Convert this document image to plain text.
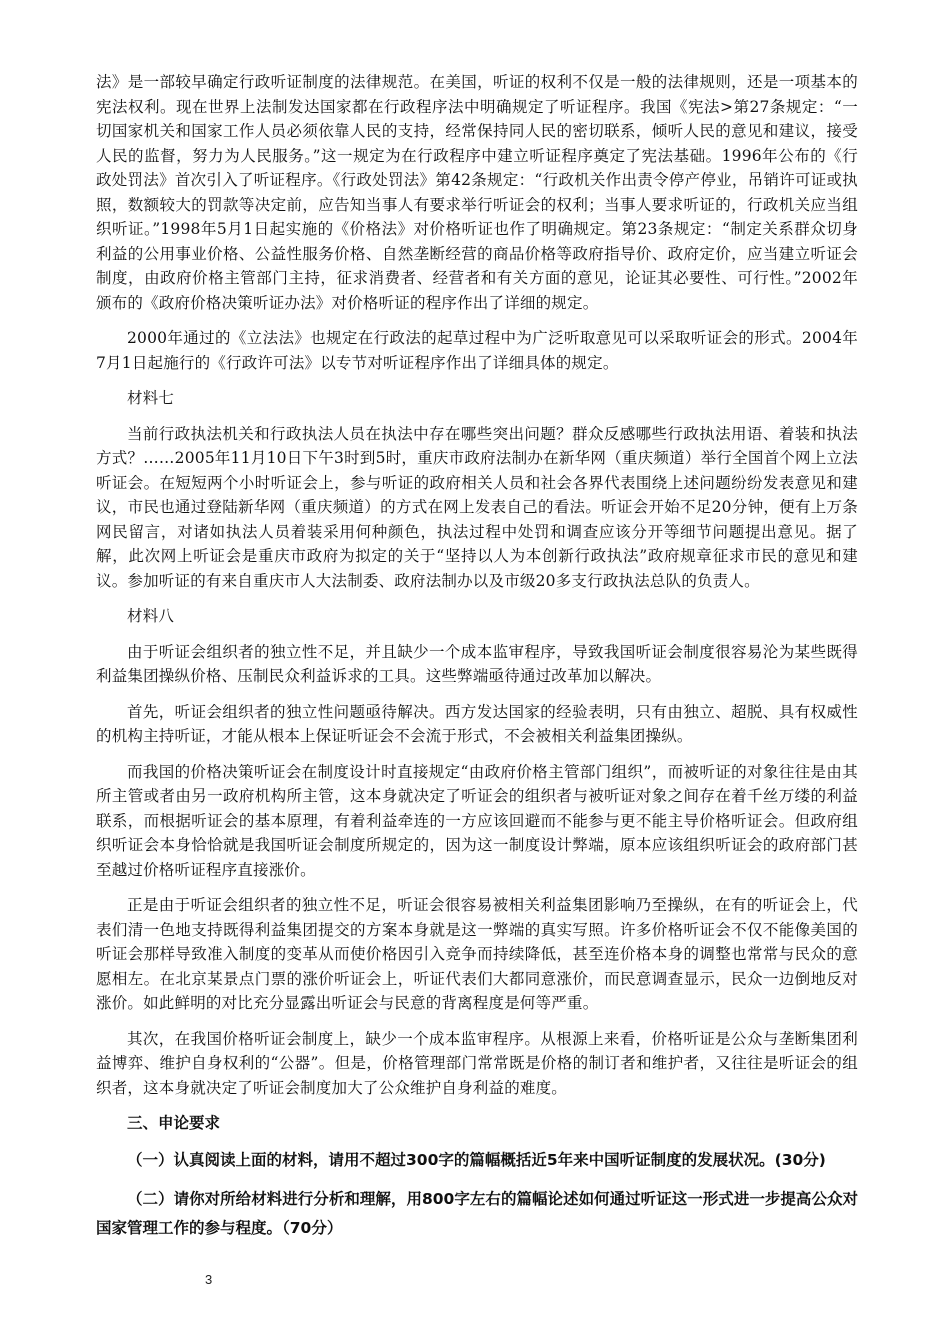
法》是一部较早确定行政听证制度的法律规范。在美国，听证的权利不仅是一般的法律规则，还是一项基本的宪法权利。现在世界上法制发达国家都在行政程序法中明确规定了听证程序。我国《宪法>第27条规定：“一切国家机关和国家工作人员必须依靠人民的支持，经常保持同人民的密切联系，倾听人民的意见和建议，接受人民的监督，努力为人民服务。”这一规定为在行政程序中建立听证程序奠定了宪法基础。1996年公布的《行政处罚法》首次引入了听证程序。《行政处罚法》第42条规定：“行政机关作出责令停产停业，吊销许可证或执照，数额较大的罚款等决定前，应告知当事人有要求举行听证会的权利；当事人要求听证的，行政机关应当组织听证。”1998年5月1日起实施的《价格法》对价格听证也作了明确规定。第23条规定：“制定关系群众切身利益的公用事业价格、公益性服务价格、自然垄断经营的商品价格等政府指导价、政府定价，应当建立听证会制度，由政府价格主管部门主持，征求消费者、经营者和有关方面的意见，论证其必要性、可行性。”2002年颁布的《政府价格决策听证办法》对价格听证的程序作出了详细的规定。

2000年通过的《立法法》也规定在行政法的起草过程中为广泛听取意见可以采取听证会的形式。2004年7月1日起施行的《行政许可法》以专节对听证程序作出了详细具体的规定。

材料七

当前行政执法机关和行政执法人员在执法中存在哪些突出问题？群众反感哪些行政执法用语、着装和执法方式？……2005年11月10日下午3时到5时，重庆市政府法制办在新华网（重庆频道）举行全国首个网上立法听证会。在短短两个小时听证会上，参与听证的政府相关人员和社会各界代表围绕上述问题纷纷发表意见和建议，市民也通过登陆新华网（重庆频道）的方式在网上发表自己的看法。听证会开始不足20分钟，便有上万条网民留言，对诸如执法人员着装采用何种颜色，执法过程中处罚和调查应该分开等细节问题提出意见。据了解，此次网上听证会是重庆市政府为拟定的关于“坚持以人为本创新行政执法”政府规章征求市民的意见和建议。参加听证的有来自重庆市人大法制委、政府法制办以及市级20多支行政执法总队的负责人。

材料八

由于听证会组织者的独立性不足，并且缺少一个成本监审程序，导致我国听证会制度很容易沦为某些既得利益集团操纵价格、压制民众利益诉求的工具。这些弊端亟待通过改革加以解决。

首先，听证会组织者的独立性问题亟待解决。西方发达国家的经验表明，只有由独立、超脱、具有权威性的机构主持听证，才能从根本上保证听证会不会流于形式，不会被相关利益集团操纵。

而我国的价格决策听证会在制度设计时直接规定“由政府价格主管部门组织”，而被听证的对象往往是由其所主管或者由另一政府机构所主管，这本身就决定了听证会的组织者与被听证对象之间存在着千丝万缕的利益联系，而根据听证会的基本原理，有着利益牵连的一方应该回避而不能参与更不能主导价格听证会。但政府组织听证会本身恰恰就是我国听证会制度所规定的，因为这一制度设计弊端，原本应该组织听证会的政府部门甚至越过价格听证程序直接涨价。

正是由于听证会组织者的独立性不足，听证会很容易被相关利益集团影响乃至操纵，在有的听证会上，代表们清一色地支持既得利益集团提交的方案本身就是这一弊端的真实写照。许多价格听证会不仅不能像美国的听证会那样导致准入制度的变革从而使价格因引入竞争而持续降低，甚至连价格本身的调整也常常与民众的意愿相左。在北京某景点门票的涨价听证会上，听证代表们大都同意涨价，而民意调查显示，民众一边倒地反对涨价。如此鲜明的对比充分显露出听证会与民意的背离程度是何等严重。

其次，在我国价格听证会制度上，缺少一个成本监审程序。从根源上来看，价格听证是公众与垄断集团利益博弈、维护自身权利的“公器”。但是，价格管理部门常常既是价格的制订者和维护者，又往往是听证会的组织者，这本身就决定了听证会制度加大了公众维护自身利益的难度。

三、申论要求
（一）认真阅读上面的材料，请用不超过300字的篇幅概括近5年来中国听证制度的发展状况。(30分)
（二）请你对所给材料进行分析和理解，用800字左右的篇幅论述如何通过听证这一形式进一步提高公众对国家管理工作的参与程度。（70分）
3
